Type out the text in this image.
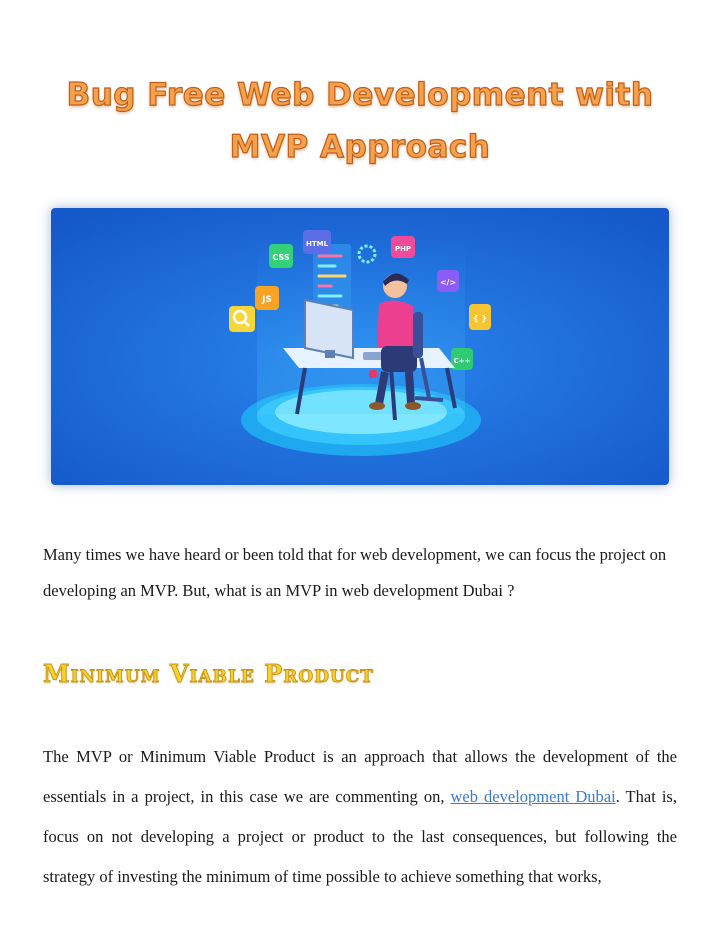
Bug Free Web Development with
MVP Approach
CSS
HTML
PHP
JS
</>
C++
{ }

Many times we have heard or been told that for web development, we can focus the project on developing an MVP. But, what is an MVP in web development Dubai ?

Minimum Viable Product

The MVP or Minimum Viable Product is an approach that allows the development of the essentials in a project, in this case we are commenting on, web development Dubai. That is, focus on not developing a project or product to the last consequences, but following the strategy of investing the minimum of time possible to achieve something that works,
